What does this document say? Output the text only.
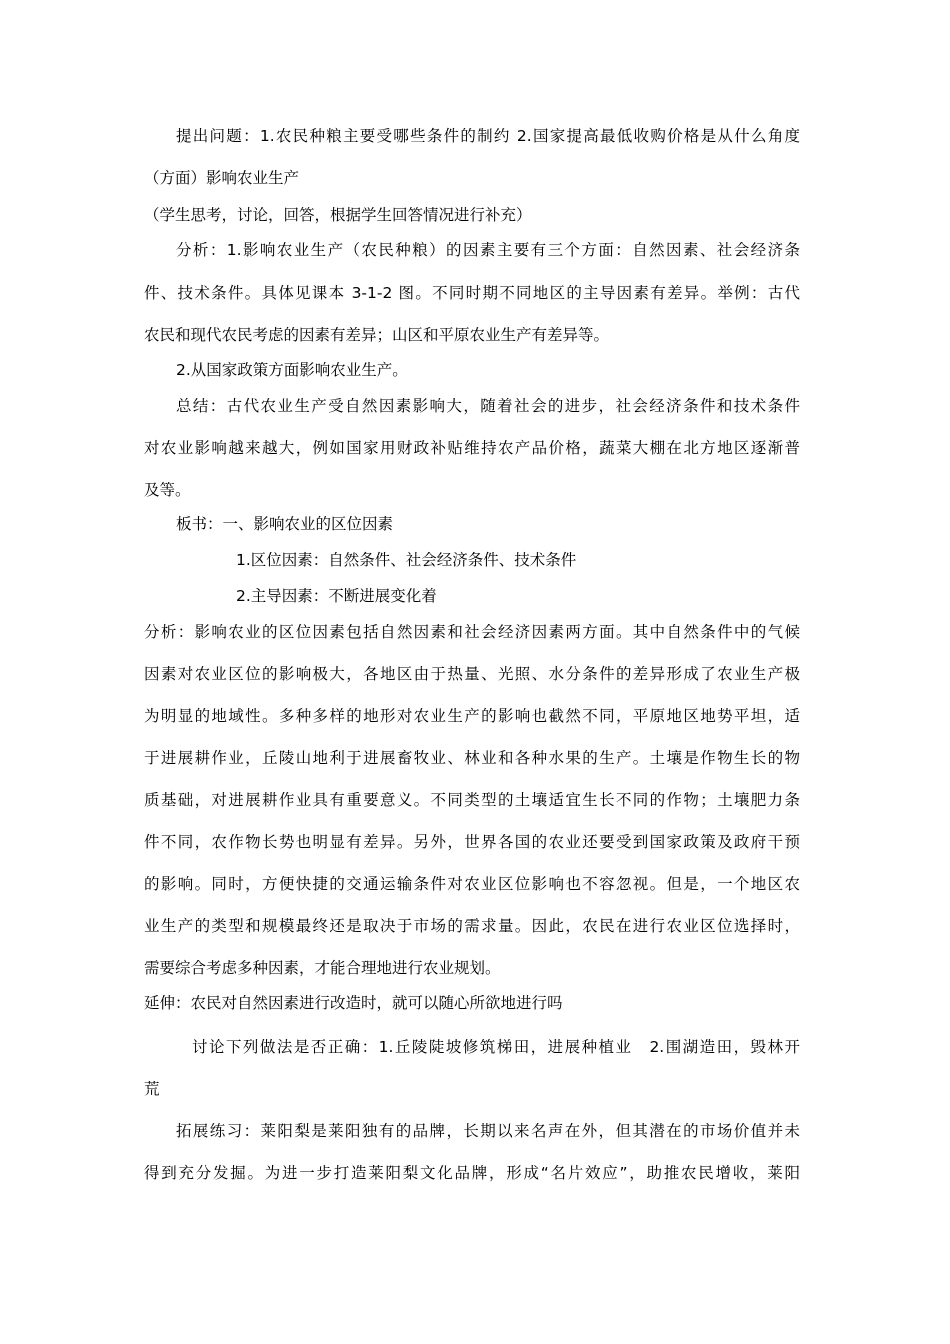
提出问题：1.农民种粮主要受哪些条件的制约 2.国家提高最低收购价格是从什么角度

（方面）影响农业生产

（学生思考，讨论，回答，根据学生回答情况进行补充）

分析：1.影响农业生产（农民种粮）的因素主要有三个方面：自然因素、社会经济条

件、技术条件。具体见课本 3-1-2 图。不同时期不同地区的主导因素有差异。举例：古代

农民和现代农民考虑的因素有差异；山区和平原农业生产有差异等。

2.从国家政策方面影响农业生产。

总结：古代农业生产受自然因素影响大，随着社会的进步，社会经济条件和技术条件

对农业影响越来越大，例如国家用财政补贴维持农产品价格，蔬菜大棚在北方地区逐渐普

及等。

板书：一、影响农业的区位因素

1.区位因素：自然条件、社会经济条件、技术条件

2.主导因素：不断进展变化着

分析：影响农业的区位因素包括自然因素和社会经济因素两方面。其中自然条件中的气候

因素对农业区位的影响极大，各地区由于热量、光照、水分条件的差异形成了农业生产极

为明显的地域性。多种多样的地形对农业生产的影响也截然不同，平原地区地势平坦，适

于进展耕作业，丘陵山地利于进展畜牧业、林业和各种水果的生产。土壤是作物生长的物

质基础，对进展耕作业具有重要意义。不同类型的土壤适宜生长不同的作物；土壤肥力条

件不同，农作物长势也明显有差异。另外，世界各国的农业还要受到国家政策及政府干预

的影响。同时，方便快捷的交通运输条件对农业区位影响也不容忽视。但是，一个地区农

业生产的类型和规模最终还是取决于市场的需求量。因此，农民在进行农业区位选择时，

需要综合考虑多种因素，才能合理地进行农业规划。

延伸：农民对自然因素进行改造时，就可以随心所欲地进行吗

讨论下列做法是否正确：1.丘陵陡坡修筑梯田，进展种植业　2.围湖造田，毁林开

荒

拓展练习：莱阳梨是莱阳独有的品牌，长期以来名声在外，但其潜在的市场价值并未

得到充分发掘。为进一步打造莱阳梨文化品牌，形成“名片效应”，助推农民增收，莱阳
